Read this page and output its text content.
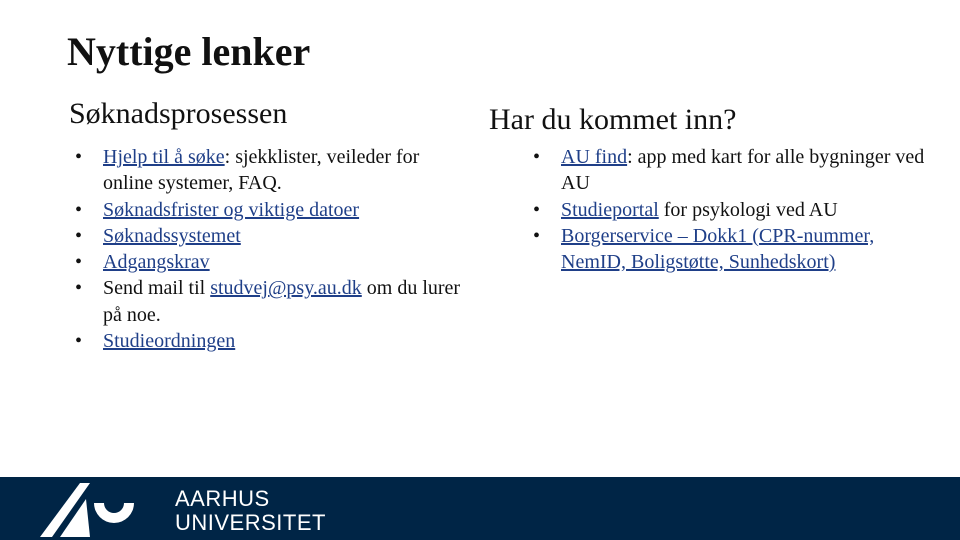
Nyttige lenker
Søknadsprosessen
• Hjelp til å søke: sjekklister, veileder for online systemer, FAQ.
• Søknadsfrister og viktige datoer
• Søknadssystemet
• Adgangskrav
• Send mail til studvej@psy.au.dk om du lurer på noe.
• Studieordningen
Har du kommet inn?
• AU find: app med kart for alle bygninger ved AU
• Studieportal for psykologi ved AU
• Borgerservice – Dokk1 (CPR-nummer, NemID, Boligstøtte, Sunhedskort)
AARHUS
UNIVERSITET
